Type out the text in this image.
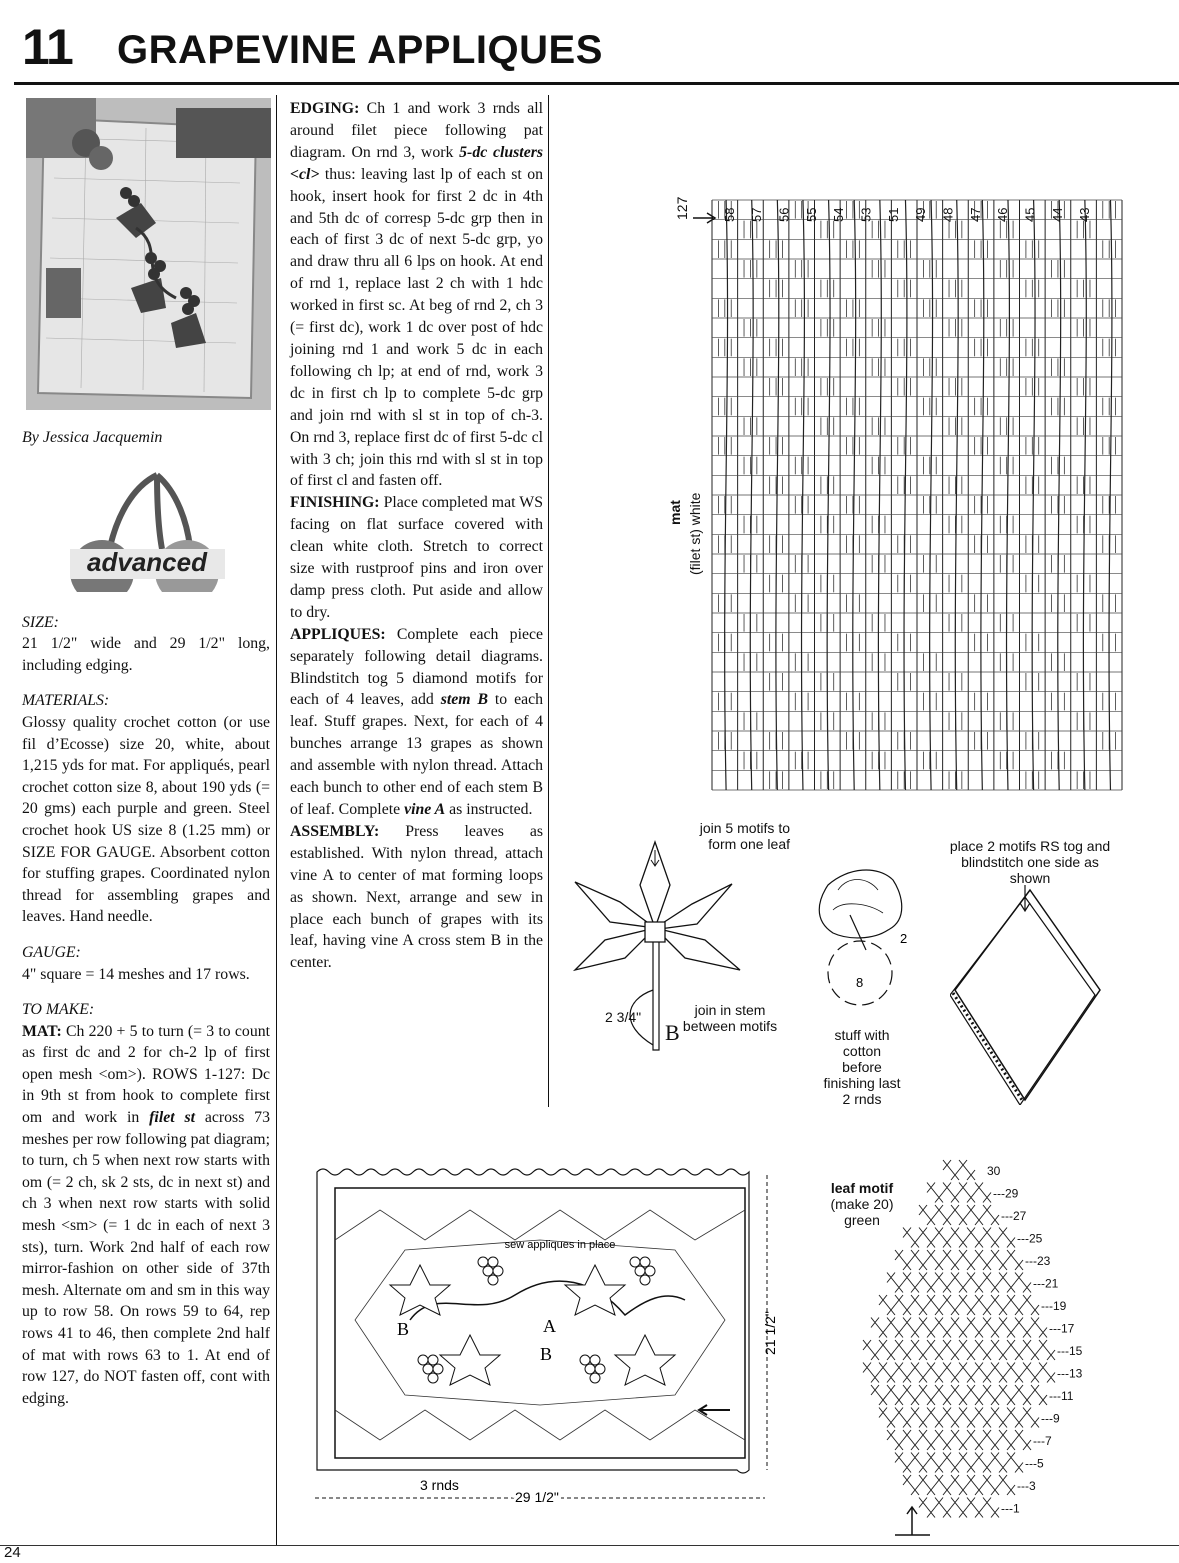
11 GRAPEVINE APPLIQUES
By Jessica Jacquemin
advanced
SIZE:
21 1/2" wide and 29 1/2" long, including edging.
MATERIALS:
Glossy quality crochet cotton (or use fil d’Ecosse) size 20, white, about 1,215 yds for mat. For appliqués, pearl crochet cotton size 8, about 190 yds (= 20 gms) each purple and green. Steel crochet hook US size 8 (1.25 mm) or SIZE FOR GAUGE. Absorbent cotton for stuffing grapes. Coordinated nylon thread for assembling grapes and leaves. Hand needle.
GAUGE:
4" square = 14 meshes and 17 rows.
TO MAKE:
MAT: Ch 220 + 5 to turn (= 3 to count as first dc and 2 for ch-2 lp of first open mesh <om>). ROWS 1-127: Dc in 9th st from hook to complete first om and work in filet st across 73 meshes per row following pat diagram; to turn, ch 5 when next row starts with om (= 2 ch, sk 2 sts, dc in next st) and ch 3 when next row starts with solid mesh <sm> (= 1 dc in each of next 3 sts), turn. Work 2nd half of each row mirror-fashion on other side of 37th mesh. Alternate om and sm in this way up to row 58. On rows 59 to 64, rep rows 41 to 46, then complete 2nd half of mat with rows 63 to 1. At end of row 127, do NOT fasten off, cont with edging.
EDGING: Ch 1 and work 3 rnds all around filet piece following pat diagram. On rnd 3, work 5-dc clusters <cl> thus: leaving last lp of each st on hook, insert hook for first 2 dc in 4th and 5th dc of corresp 5-dc grp then in each of first 3 dc of next 5-dc grp, yo and draw thru all 6 lps on hook. At end of rnd 1, replace last 2 ch with 1 hdc worked in first sc. At beg of rnd 2, ch 3 (= first dc), work 1 dc over post of hdc joining rnd 1 and work 5 dc in each following ch lp; at end of rnd, work 3 dc in first ch lp to complete 5-dc grp and join rnd with sl st in top of ch-3. On rnd 3, replace first dc of first 5-dc cl with 3 ch; join this rnd with sl st in top of first cl and fasten off.
FINISHING: Place completed mat WS facing on flat surface covered with clean white cloth. Stretch to correct size with rustproof pins and iron over damp press cloth. Put aside and allow to dry.
APPLIQUES: Complete each piece separately following detail diagrams. Blindstitch tog 5 diamond motifs for each of 4 leaves, add stem B to each leaf. Stuff grapes. Next, for each of 4 bunches arrange 13 grapes as shown and assemble with nylon thread. Attach each bunch to other end of each stem B of leaf. Complete vine A as instructed.
ASSEMBLY: Press leaves as established. With nylon thread, attach vine A to center of mat forming loops as shown. Next, arrange and sew in place each bunch of grapes with its leaf, having vine A cross stem B in the center.
58 57 56 55 54 53 51 49 48 47 46 45 44 43
127
mat (filet st) white
B
2 3/4"
join 5 motifs to form one leaf
join in stem between motifs
2
8
stuff with cotton before finishing last 2 rnds
place 2 motifs RS tog and blindstitch one side as shown
sew appliques in place
A
B
B	21 1/2"
29 1/2"
3 rnds
leaf motif
(make 20)
green
30
---29
---27
---25
---23
---21
---19
---17
---15
---13
---11
---9
---7
---5
---3
---1
24
